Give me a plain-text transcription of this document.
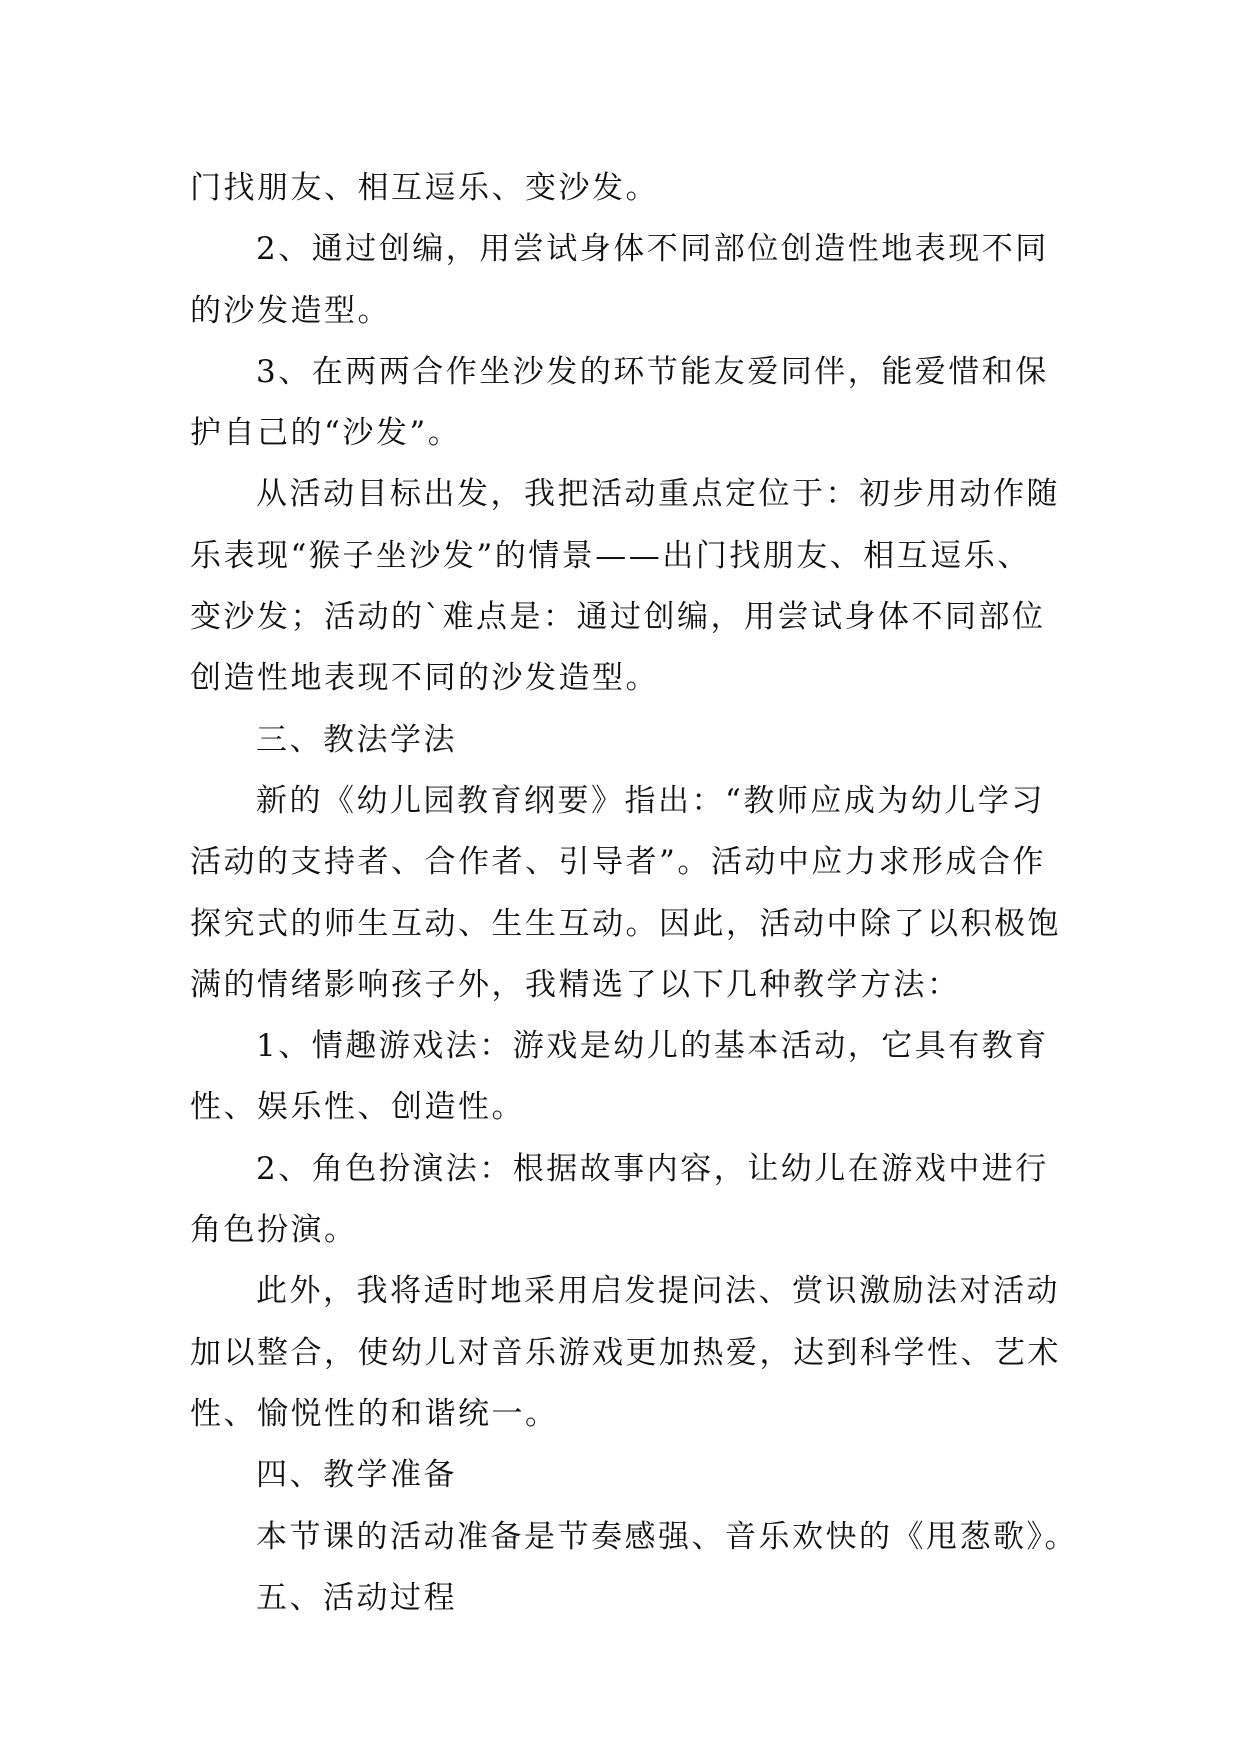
门找朋友、相互逗乐、变沙发。
2、通过创编，用尝试身体不同部位创造性地表现不同
的沙发造型。
3、在两两合作坐沙发的环节能友爱同伴，能爱惜和保
护自己的“沙发”。
从活动目标出发，我把活动重点定位于：初步用动作随
乐表现“猴子坐沙发”的情景——出门找朋友、相互逗乐、
变沙发；活动的`难点是：通过创编，用尝试身体不同部位
创造性地表现不同的沙发造型。
三、教法学法
新的《幼儿园教育纲要》指出：“教师应成为幼儿学习
活动的支持者、合作者、引导者”。活动中应力求形成合作
探究式的师生互动、生生互动。因此，活动中除了以积极饱
满的情绪影响孩子外，我精选了以下几种教学方法：
1、情趣游戏法：游戏是幼儿的基本活动，它具有教育
性、娱乐性、创造性。
2、角色扮演法：根据故事内容，让幼儿在游戏中进行
角色扮演。
此外，我将适时地采用启发提问法、赏识激励法对活动
加以整合，使幼儿对音乐游戏更加热爱，达到科学性、艺术
性、愉悦性的和谐统一。
四、教学准备
本节课的活动准备是节奏感强、音乐欢快的《甩葱歌》。
五、活动过程
